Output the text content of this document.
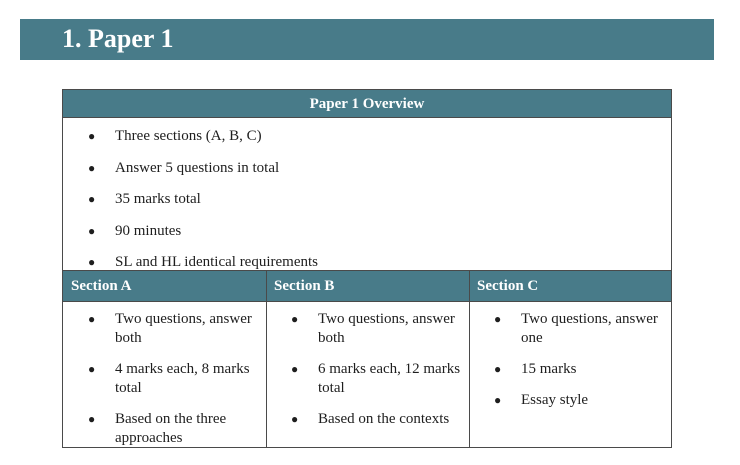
1. Paper 1
Paper 1 Overview
● Three sections (A, B, C)
● Answer 5 questions in total
● 35 marks total
● 90 minutes
● SL and HL identical requirements
Section A	Section B	Section C
● Two questions, answer both
● 4 marks each, 8 marks total
● Based on the three approaches
● Two questions, answer both
● 6 marks each, 12 marks total
● Based on the contexts
● Two questions, answer one
● 15 marks
● Essay style
